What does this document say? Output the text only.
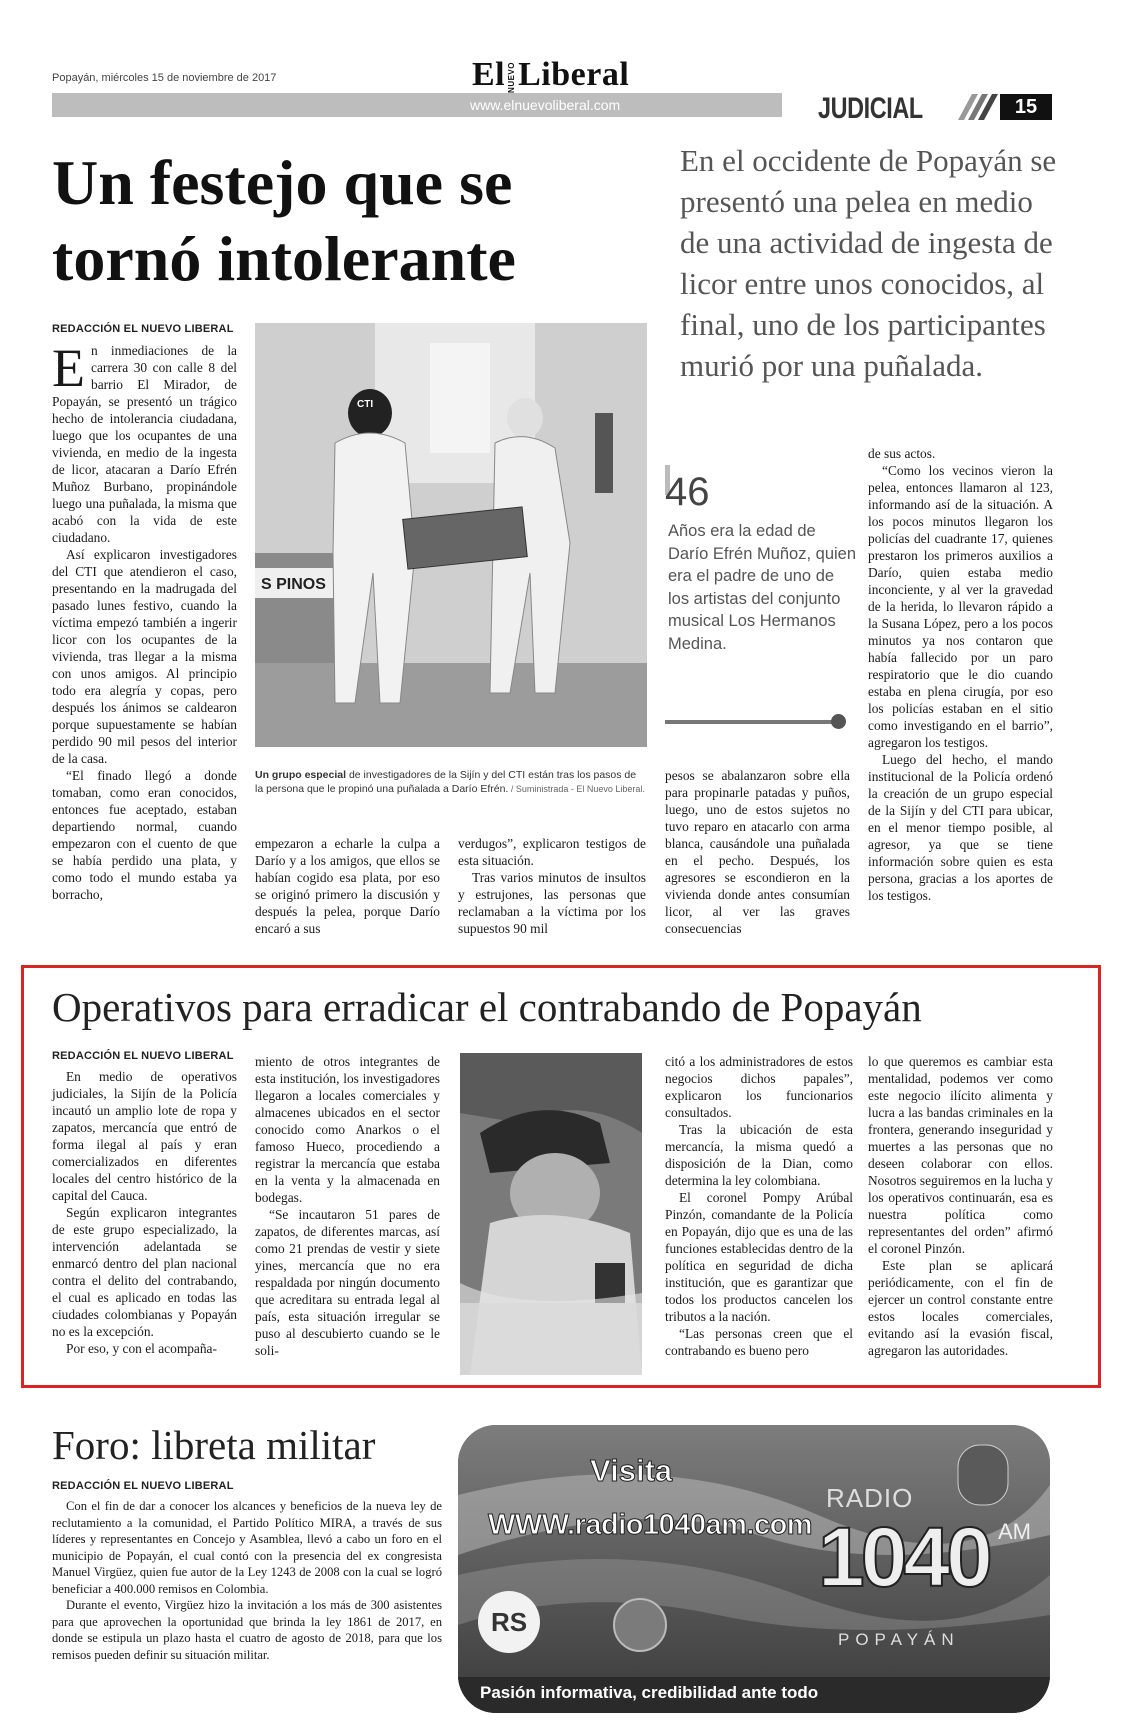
Popayán, miércoles 15 de noviembre de 2017	El NUEVOLiberal
www.elnuevoliberal.com	JUDICIAL	15
Un festejo que se tornó intolerante
En el occidente de Popayán se presentó una pelea en medio de una actividad de ingesta de licor entre unos conocidos, al final, uno de los participantes murió por una puñalada.
REDACCIÓN EL NUEVO LIBERAL

En inmediaciones de la carrera 30 con calle 8 del barrio El Mirador, de Popayán, se presentó un trágico hecho de intolerancia ciudadana, luego que los ocupantes de una vivienda, en medio de la ingesta de licor, atacaran a Darío Efrén Muñoz Burbano, propinándole luego una puñalada, la misma que acabó con la vida de este ciudadano.

Así explicaron investigadores del CTI que atendieron el caso, presentando en la madrugada del pasado lunes festivo, cuando la víctima empezó también a ingerir licor con los ocupantes de la vivienda, tras llegar a la misma con unos amigos. Al principio todo era alegría y copas, pero después los ánimos se caldearon porque supuestamente se habían perdido 90 mil pesos del interior de la casa.

“El finado llegó a donde tomaban, como eran conocidos, entonces fue aceptado, estaban departiendo normal, cuando empezaron con el cuento de que se había perdido una plata, y como todo el mundo estaba ya borracho,

S PINOS
CTI
Un grupo especial de investigadores de la Sijín y del CTI están tras los pasos de la persona que le propinó una puñalada a Darío Efrén. / Suministrada - El Nuevo Liberal.

empezaron a echarle la culpa a Darío y a los amigos, que ellos se habían cogido esa plata, por eso se originó primero la discusión y después la pelea, porque Darío encaró a sus

verdugos”, explicaron testigos de esta situación.

Tras varios minutos de insultos y estrujones, las personas que reclamaban a la víctima por los supuestos 90 mil

46
Años era la edad de Darío Efrén Muñoz, quien era el padre de uno de los artistas del conjunto musical Los Hermanos Medina.

pesos se abalanzaron sobre ella para propinarle patadas y puños, luego, uno de estos sujetos no tuvo reparo en atacarlo con arma blanca, causándole una puñalada en el pecho. Después, los agresores se escondieron en la vivienda donde antes consumían licor, al ver las graves consecuencias

de sus actos.

“Como los vecinos vieron la pelea, entonces llamaron al 123, informando así de la situación. A los pocos minutos llegaron los policías del cuadrante 17, quienes prestaron los primeros auxilios a Darío, quien estaba medio inconciente, y al ver la gravedad de la herida, lo llevaron rápido a la Susana López, pero a los pocos minutos ya nos contaron que había fallecido por un paro respiratorio que le dio cuando estaba en plena cirugía, por eso los policías estaban en el sitio como investigando en el barrio”, agregaron los testigos.

Luego del hecho, el mando institucional de la Policía ordenó la creación de un grupo especial de la Sijín y del CTI para ubicar, en el menor tiempo posible, al agresor, ya que se tiene información sobre quien es esta persona, gracias a los aportes de los testigos.

Operativos para erradicar el contrabando de Popayán
REDACCIÓN EL NUEVO LIBERAL

En medio de operativos judiciales, la Sijín de la Policía incautó un amplio lote de ropa y zapatos, mercancía que entró de forma ilegal al país y eran comercializados en diferentes locales del centro histórico de la capital del Cauca.

Según explicaron integrantes de este grupo especializado, la intervención adelantada se enmarcó dentro del plan nacional contra el delito del contrabando, el cual es aplicado en todas las ciudades colombianas y Popayán no es la excepción.

Por eso, y con el acompaña-

miento de otros integrantes de esta institución, los investigadores llegaron a locales comerciales y almacenes ubicados en el sector conocido como Anarkos o el famoso Hueco, procediendo a registrar la mercancía que estaba en la venta y la almacenada en bodegas.

“Se incautaron 51 pares de zapatos, de diferentes marcas, así como 21 prendas de vestir y siete yines, mercancía que no era respaldada por ningún documento que acreditara su entrada legal al país, esta situación irregular se puso al descubierto cuando se le soli-

citó a los administradores de estos negocios dichos papales”, explicaron los funcionarios consultados.

Tras la ubicación de esta mercancía, la misma quedó a disposición de la Dian, como determina la ley colombiana.

El coronel Pompy Arúbal Pinzón, comandante de la Policía en Popayán, dijo que es una de las funciones establecidas dentro de la política en seguridad de dicha institución, que es garantizar que todos los productos cancelen los tributos a la nación.

“Las personas creen que el contrabando es bueno pero

lo que queremos es cambiar esta mentalidad, podemos ver como este negocio ilícito alimenta y lucra a las bandas criminales en la frontera, generando inseguridad y muertes a las personas que no deseen colaborar con ellos. Nosotros seguiremos en la lucha y los operativos continuarán, esa es nuestra política como representantes del orden” afirmó el coronel Pinzón.

Este plan se aplicará periódicamente, con el fin de ejercer un control constante entre estos locales comerciales, evitando así la evasión fiscal, agregaron las autoridades.

Foro: libreta militar
REDACCIÓN EL NUEVO LIBERAL

Con el fin de dar a conocer los alcances y beneficios de la nueva ley de reclutamiento a la comunidad, el Partido Político MIRA, a través de sus líderes y representantes en Concejo y Asamblea, llevó a cabo un foro en el municipio de Popayán, el cual contó con la presencia del ex congresista Manuel Virgüez, quien fue autor de la Ley 1243 de 2008 con la cual se logró beneficiar a 400.000 remisos en Colombia.

Durante el evento, Virgüez hizo la invitación a los más de 300 asistentes para que aprovechen la oportunidad que brinda la ley 1861 de 2017, en donde se estipula un plazo hasta el cuatro de agosto de 2018, para que los remisos pueden definir su situación militar.

Visita
WWW.radio1040am.com
RADIO
1040 AM
POPAYÁN
RS
Pasión informativa, credibilidad ante todo
